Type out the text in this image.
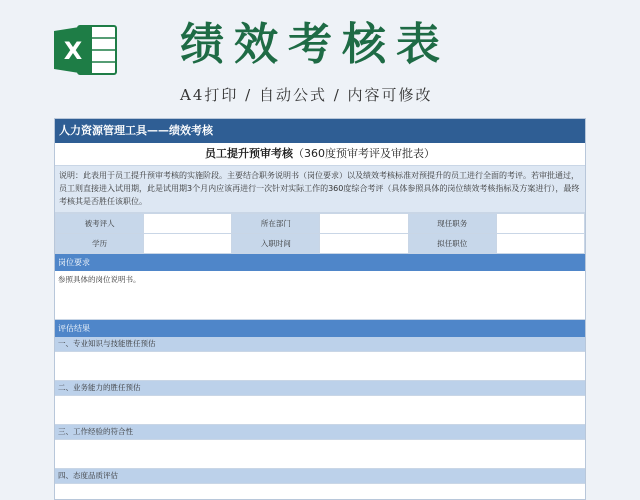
X 绩效考核表
A4打印 / 自动公式 / 内容可修改
人力资源管理工具——绩效考核
员工提升预审考核（360度预审考评及审批表）
说明：此表用于员工提升预审考核的实施阶段。主要结合职务说明书（岗位要求）以及绩效考核标准对预提升的员工进行全面的考评。若审批通过，员工则直接进入试用期，此是试用期3个月内应该再进行一次针对实际工作的360度综合考评（具体参照具体的岗位绩效考核指标及方案进行），最终考核其是否胜任该职位。
被考评人		所在部门		现任职务	
学历		入职时间		拟任职位	
岗位要求
参照具体的岗位说明书。
评估结果
一、专业知识与技能胜任预估
二、业务能力的胜任预估
三、工作经验的符合性
四、态度品质评估
